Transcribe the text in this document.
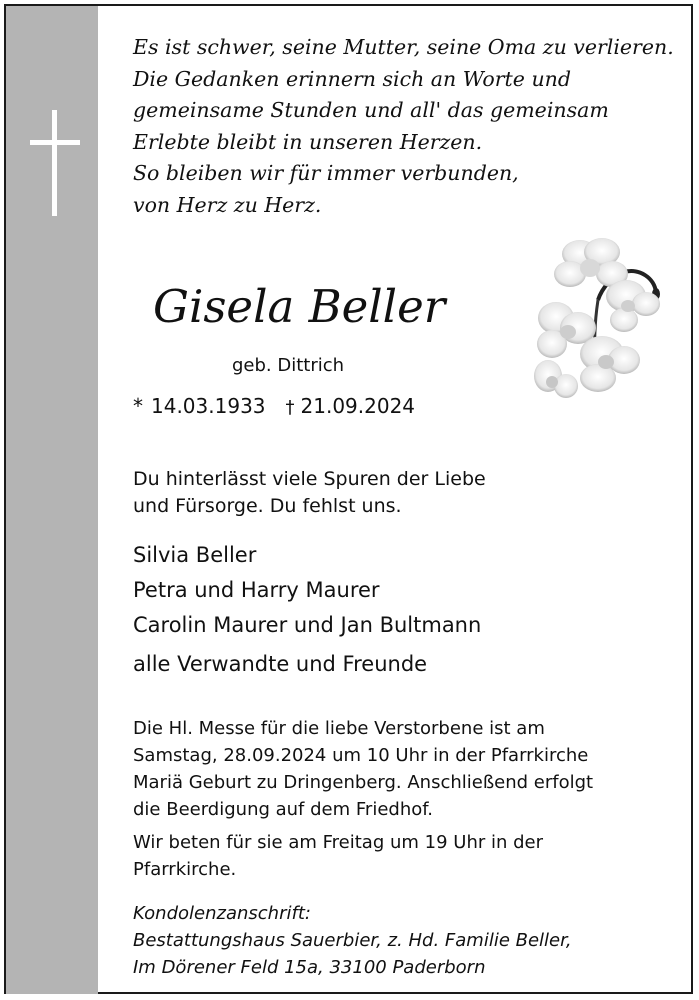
Es ist schwer, seine Mutter, seine Oma zu verlieren.
Die Gedanken erinnern sich an Worte und
gemeinsame Stunden und all' das gemeinsam
Erlebte bleibt in unseren Herzen.
So bleiben wir für immer verbunden,
von Herz zu Herz.
Gisela Beller
geb. Dittrich
* 14.03.1933 † 21.09.2024
Du hinterlässt viele Spuren der Liebe
und Fürsorge. Du fehlst uns.
Silvia Beller
Petra und Harry Maurer
Carolin Maurer und Jan Bultmann
alle Verwandte und Freunde
Die Hl. Messe für die liebe Verstorbene ist am
Samstag, 28.09.2024 um 10 Uhr in der Pfarrkirche
Mariä Geburt zu Dringenberg. Anschließend erfolgt
die Beerdigung auf dem Friedhof.
Wir beten für sie am Freitag um 19 Uhr in der
Pfarrkirche.
Kondolenzanschrift:
Bestattungshaus Sauerbier, z. Hd. Familie Beller,
Im Dörener Feld 15a, 33100 Paderborn
